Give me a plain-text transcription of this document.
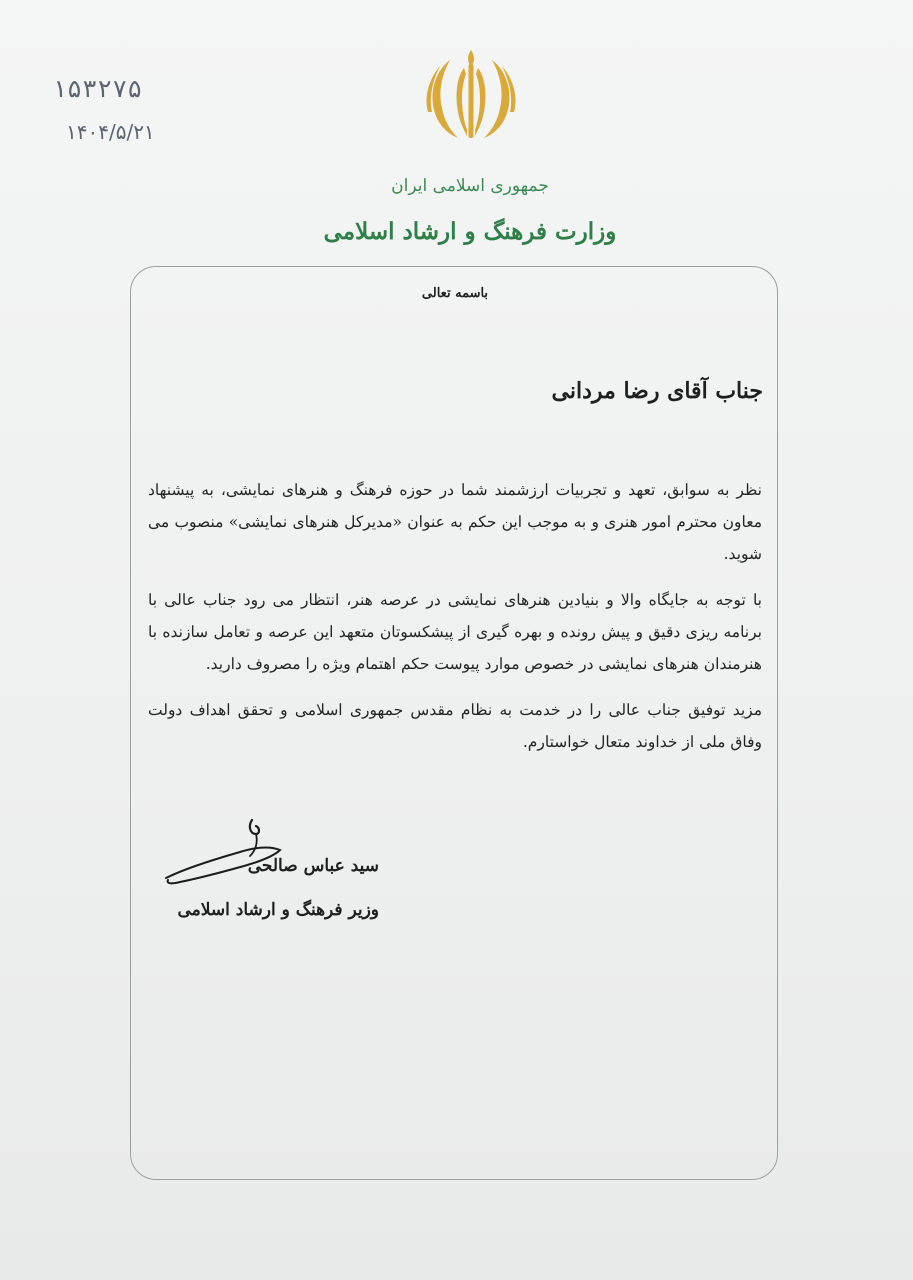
۱۵۳۲۷۵
۱۴۰۴/۵/۲۱
جمهوری اسلامی ایران
وزارت فرهنگ و ارشاد اسلامی
باسمه تعالی
جناب آقای رضا مردانی

نظر به سوابق، تعهد و تجربیات ارزشمند شما در حوزه فرهنگ و هنرهای نمایشی، به پیشنهاد معاون محترم امور هنری و به موجب این حکم به عنوان «مدیرکل هنرهای نمایشی» منصوب می شوید.

با توجه به جایگاه والا و بنیادین هنرهای نمایشی در عرصه هنر، انتظار می رود جناب عالی با برنامه ریزی دقیق و پیش رونده و بهره گیری از پیشکسوتان متعهد این عرصه و تعامل سازنده با هنرمندان هنرهای نمایشی در خصوص موارد پیوست حکم اهتمام ویژه را مصروف دارید.

مزید توفیق جناب عالی را در خدمت به نظام مقدس جمهوری اسلامی و تحقق اهداف دولت وفاق ملی از خداوند متعال خواستارم.

سید عباس صالحی
وزیر فرهنگ و ارشاد اسلامی
